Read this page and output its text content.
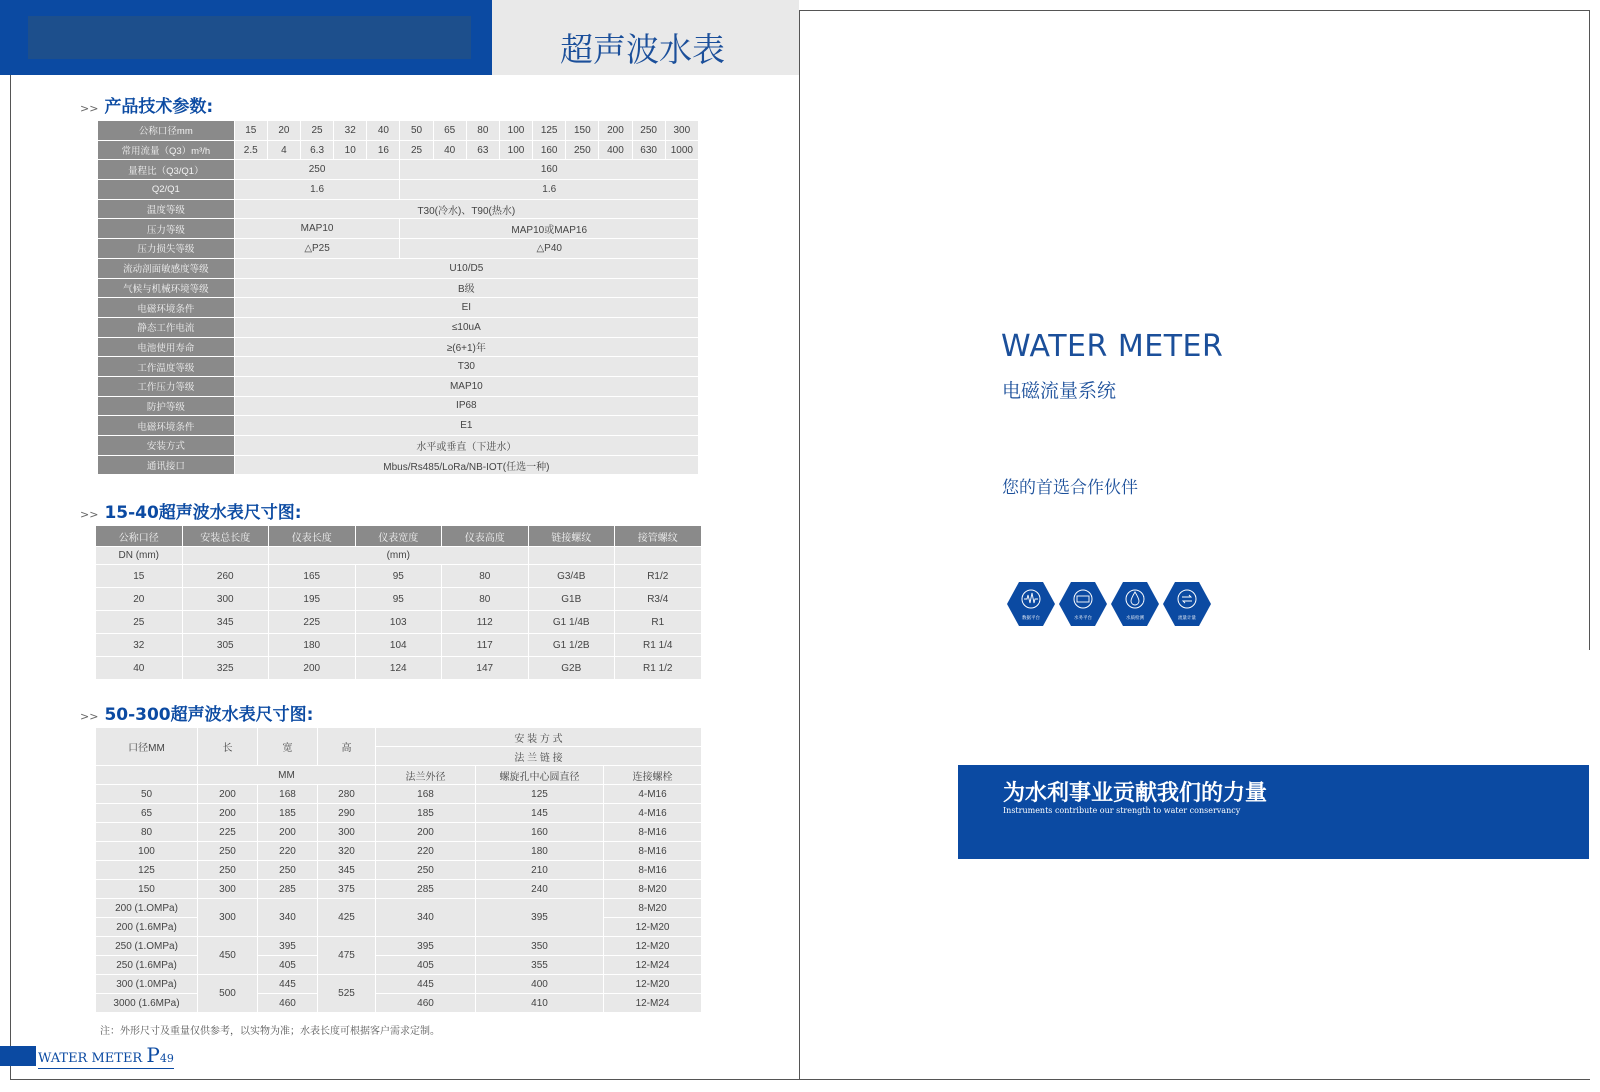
超声波水表
>> 产品技术参数:
公称口径mm	15	20	25	32	40	50	65	80	100	125	150	200	250	300
常用流量（Q3）m³/h	2.5	4	6.3	10	16	25	40	63	100	160	250	400	630	1000
量程比（Q3/Q1）	250					160								
Q2/Q1	1.6					1.6								
温度等级	T30(冷水)、T90(热水)													
压力等级	MAP10					MAP10或MAP16								
压力损失等级	△P25					△P40								
流动剖面敏感度等级	U10/D5													
气候与机械环境等级	B级													
电磁环境条件	EI													
静态工作电流	≤10uA													
电池使用寿命	≥(6+1)年													
工作温度等级	T30													
工作压力等级	MAP10													
防护等级	IP68													
电磁环境条件	E1													
安装方式	水平或垂直（下进水）													
通讯接口	Mbus/Rs485/LoRa/NB-IOT(任选一种)													
>> 15-40超声波水表尺寸图:
公称口径	安装总长度	仪表长度	仪表宽度	仪表高度	链接螺纹	接管螺纹
DN (mm)		(mm)				
15	260	165	95	80	G3/4B	R1/2
20	300	195	95	80	G1B	R3/4
25	345	225	103	112	G1 1/4B	R1
32	305	180	104	117	G1 1/2B	R1 1/4
40	325	200	124	147	G2B	R1 1/2
>> 50-300超声波水表尺寸图:
口径MM	长	宽	高	安 装 方 式		
				法 兰 链 接		
	MM			法兰外径	螺旋孔中心圆直径	连接螺栓
50	200	168	280	168	125	4-M16
65	200	185	290	185	145	4-M16
80	225	200	300	200	160	8-M16
100	250	220	320	220	180	8-M16
125	250	250	345	250	210	8-M16
150	300	285	375	285	240	8-M20
200 (1.OMPa)	300	340	425	340	395	8-M20
200 (1.6MPa)						12-M20
250 (1.OMPa)	450	395	475	395	350	12-M20
250 (1.6MPa)		405		405	355	12-M24
300 (1.0MPa)	500	445	525	445	400	12-M20
3000 (1.6MPa)		460		460	410	12-M24
注：外形尺寸及重量仅供参考，以实物为准；水表长度可根据客户需求定制。
WATER METER P49
WATER METER
电磁流量系统
您的首选合作伙伴
数据平台	水务平台	水质检测	流量计量
为水利事业贡献我们的力量
Instruments contribute our strength to water conservancy
